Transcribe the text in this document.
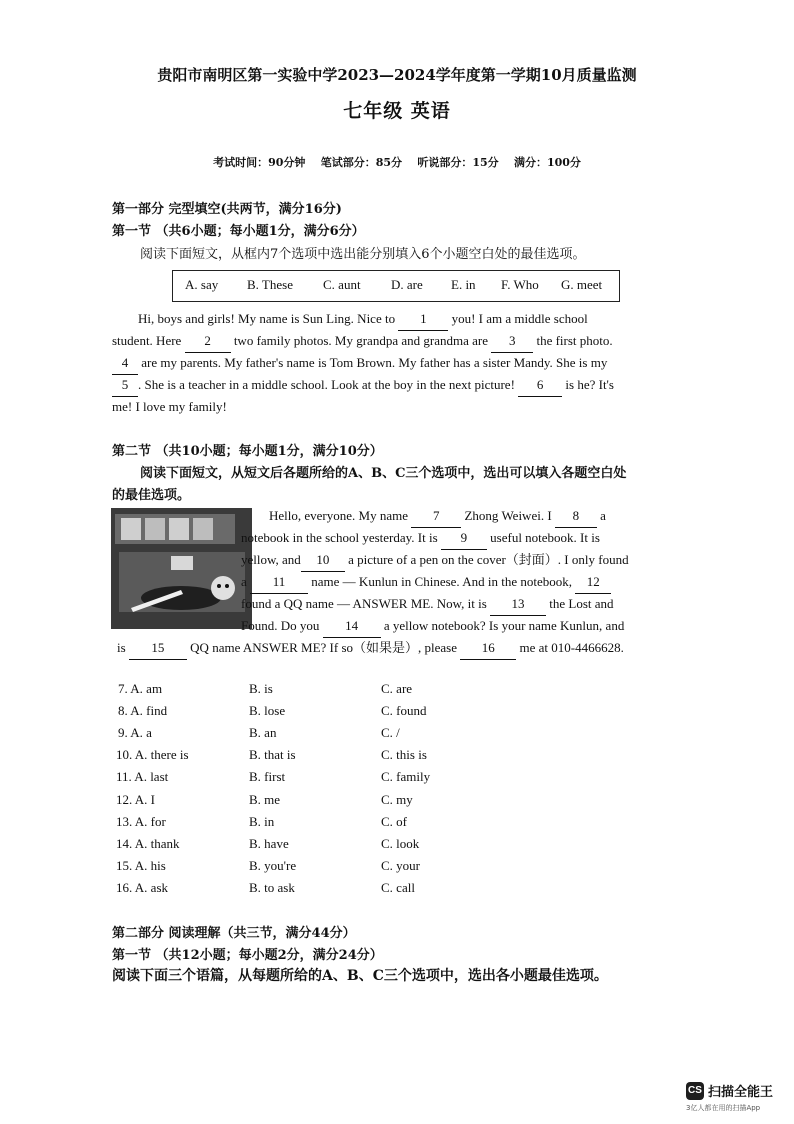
贵阳市南明区第一实验中学2023—2024学年度第一学期10月质量监测
七年级 英语
考试时间：90分钟    笔试部分：85分    听说部分：15分    满分：100分
第一部分 完型填空(共两节，满分16分)
第一节 （共6小题；每小题1分，满分6分）
阅读下面短文，从框内7个选项中选出能分别填入6个小题空白处的最佳选项。
A. say B. These C. aunt D. are E. in F. Who G. meet
Hi, boys and girls! My name is Sun Ling. Nice to 1 you! I am a middle school
student. Here 2 two family photos. My grandpa and grandma are 3 the first photo.
4 are my parents. My father's name is Tom Brown. My father has a sister Mandy. She is my
5 . She is a teacher in a middle school. Look at the boy in the next picture! 6 is he? It's
me! I love my family!
第二节 （共10小题；每小题1分，满分10分）
阅读下面短文，从短文后各题所给的A、B、C三个选项中，选出可以填入各题空白处
的最佳选项。
Hello, everyone. My name 7 Zhong Weiwei. I 8 a
notebook in the school yesterday. It is 9 useful notebook. It is
yellow, and 10 a picture of a pen on the cover（封面）. I only found
a 11 name — Kunlun in Chinese. And in the notebook, 12
found a QQ name — ANSWER ME. Now, it is 13 the Lost and
Found. Do you 14 a yellow notebook? Is your name Kunlun, and
is 15 QQ name ANSWER ME? If so（如果是）, please 16 me at 010-4466628.
7. A. am	B. is	C. are
8. A. find	B. lose	C. found
9. A. a	B. an	C. /
10. A. there is	B. that is	C. this is
11. A. last	B. first	C. family
12. A. I	B. me	C. my
13. A. for	B. in	C. of
14. A. thank	B. have	C. look
15. A. his	B. you're	C. your
16. A. ask	B. to ask	C. call
第二部分 阅读理解（共三节，满分44分）
第一节 （共12小题；每小题2分，满分24分）
阅读下面三个语篇，从每题所给的A、B、C三个选项中，选出各小题最佳选项。
CS 扫描全能王
3亿人都在用的扫描App
